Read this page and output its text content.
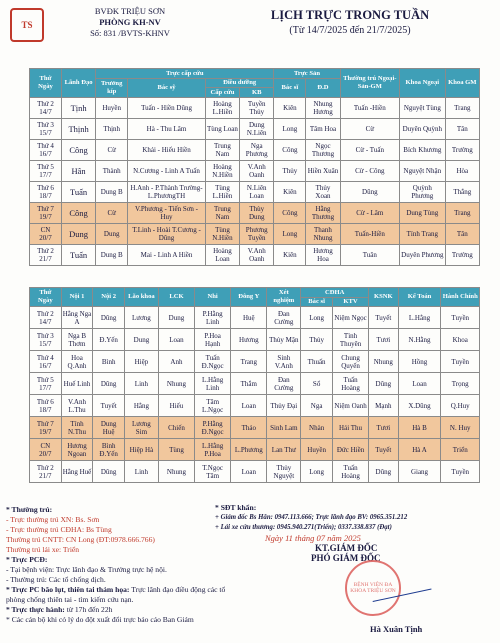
TS
BVĐK TRIỆU SƠN
PHÒNG KH-NV
Số: 831 /BVTS-KHNV
LỊCH TRỰC TRONG TUẦN
(Từ 14/7/2025 đến 21/7/2025)
Thứ
Ngày	Lãnh Đạo	Trực cấp cứu				Trực Sản		Thường trú Ngoại-Sản-GM	Khoa Ngoại	Khoa GM
		Trưởng kíp	Bác sỹ	Điều dưỡng		Bác sĩ	Đ.D			
				Cấp cứu	KB					
Thứ 2
14/7	Tịnh	Huyền	Tuấn - Hiền Dũng	Hoàng L.Hiền	Tuyền Thủy	Kiên	Nhung Hương	Tuấn -Hiền	Nguyệt Tùng	Trang
Thứ 3
15/7	Thịnh	Thịnh	Hà - Thu Lâm	Tùng Loan	Dung N.Liên	Long	Tâm Hoa	Cừ	Duyên Quỳnh	Tân
Thứ 4
16/7	Công	Cừ	Khải - Hiếu Hiền	Trung Nam	Nga Phương	Công	Ngọc Thương	Cừ - Tuấn	Bích Khương	Trường
Thứ 5
17/7	Hân	Thành	N.Cương - Linh A Tuấn	Hoàng N.Hiền	V.Anh Oanh	Thủy	Hiền Xuân	Cừ - Công	Nguyệt Nhận	Hòa
Thứ 6
18/7	Tuấn	Dung B	H.Anh - P.Thành Trường-L.PhươngTH	Tùng L.Hiền	N.Liên Loan	Kiên	Thủy Xoan	Dũng	Quỳnh Phương	Thắng
Thứ 7
19/7	Công	Cừ	V.Phương - Tiến Sơn - Huy	Trung Nam	Thùy Dung	Công	Hằng Thương	Cừ - Lâm	Dung Tùng	Trang
CN
20/7	Dung	Dung	T.Linh - Hoài T.Cương - Dũng	Tùng N.Hiền	Phương Tuyền	Long	Thanh Nhung	Tuấn-Hiền	Tính Trang	Tân
Thứ 2
21/7	Tuấn	Dung B	Mai - Linh A Hiền	Hoàng Loan	V.Anh Oanh	Kiên	Hương Hoa	Tuân	Duyên Phương	Trường
Thứ
Ngày	Nội 1	Nội 2	Lão khoa	LCK	Nhi	Đông Y	Xét nghiệm	CĐHA		KSNK	Kế Toán	Hành Chính
								Bác sĩ	KTV			
Thứ 2
14/7	Hằng Nga A	Dũng	Lương	Dung	P.Hằng Linh	Huệ	Đan Cường	Long	Niệm Ngọc	Tuyết	L.Hằng	Tuyền
Thứ 3
15/7	Nga B Thơm	Đ.Yến	Dung	Loan	P.Hoa Hạnh	Hương	Thủy Mận	Thủy	Tình Thuyên	Tươi	N.Hằng	Khoa
Thứ 4
16/7	Hoa Q.Anh	Bình	Hiệp	Anh	Tuấn Đ.Ngọc	Trang	Sinh V.Anh	Thuấn	Chung Quyến	Nhung	Hồng	Tuyền
Thứ 5
17/7	Huế Linh	Dũng	Linh	Nhung	L.Hằng Linh	Thắm	Đan Cường	Sổ	Tuấn Hoàng	Dũng	Loan	Trọng
Thứ 6
18/7	V.Anh L.Thu	Tuyết	Hằng	Hiếu	Tâm L.Ngọc	Loan	Thủy Đại	Nga	Niệm Oanh	Mạnh	X.Dũng	Q.Huy
Thứ 7
19/7	Tính N.Thu	Dung Huệ	Lương Sim	Chiến	P.Hằng Đ.Ngọc	Thảo	Sinh Lam	Nhàn	Hải Thu	Tươi	Hà B	N. Huy
CN
20/7	Hương Ngoan	Bình Đ.Yến	Hiệp Hà	Tùng	L.Hằng P.Hoa	L.Phương	Lan Thư	Huyền	Đức Hiền	Tuyết	Hà A	Triển
Thứ 2
21/7	Hằng Huế	Dũng	Linh	Nhung	T.Ngọc Tâm	Loan	Thủy Nguyệt	Long	Tuấn Hoàng	Dũng	Giang	Tuyền
* Thường trú:
- Trực thường trú XN: Bs. Sơn
- Trực thường trú CĐHA: Bs Tùng
Thường trú CNTT: CN Long (ĐT:0978.666.766)
Thường trú lái xe: Triển
* Trực PCĐ:
- Tại bệnh viện: Trực lãnh đạo & Trưởng trực hệ nội.
- Thường trú: Các tổ chống dịch.
* Trực PC bão lụt, thiên tai thảm họa: Trực lãnh đạo điều động các tổ phòng chống thiên tai - tìm kiếm cứu nạn.
* Trực thực hành: từ 17h đến 22h
* Các cán bộ khi có lý do đột xuất đổi trực báo cáo Ban Giám
* SĐT khẩn:
+ Giám đốc Bs Hân: 0947.113.666; Trực lãnh đạo BV: 0965.351.212
+ Lái xe cứu thương: 0945.940.271(Triển); 0337.338.837 (Đạt)
Ngày 11 tháng 07 năm 2025
KT.GIÁM ĐỐC
PHÓ GIÁM ĐỐC
BỆNH VIỆN ĐA KHOA TRIỆU SƠN
Hà Xuân Tịnh
